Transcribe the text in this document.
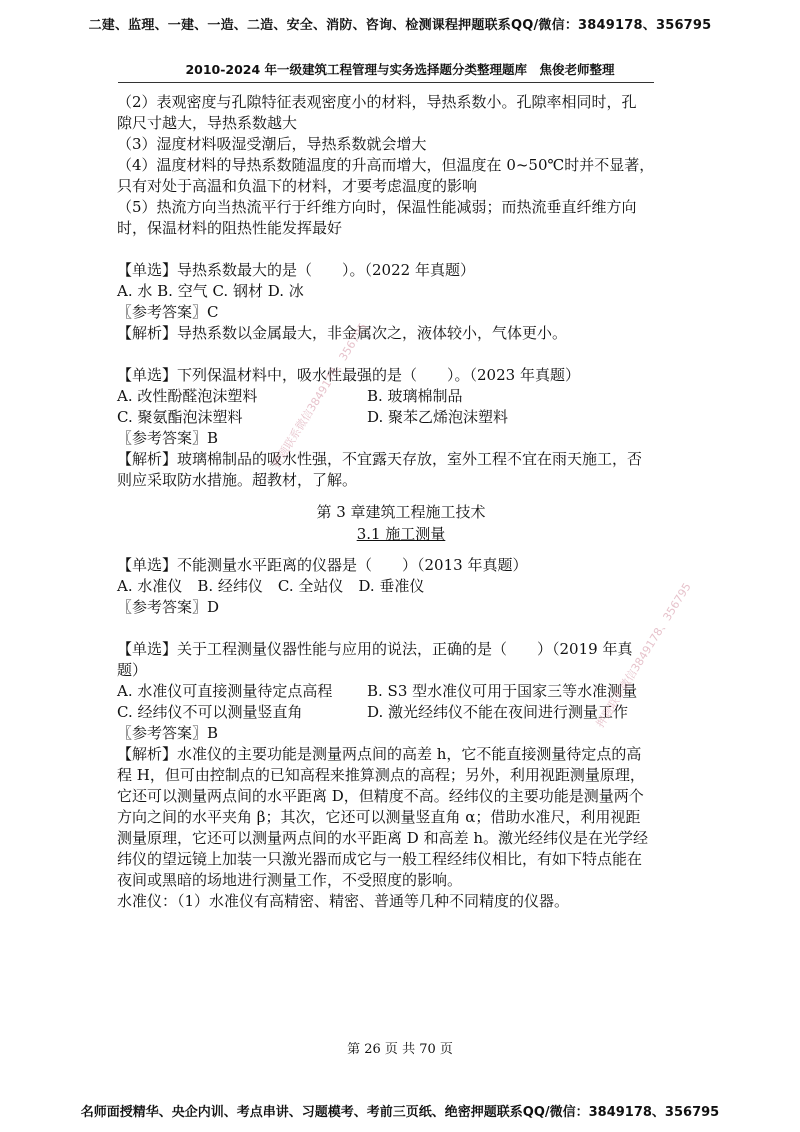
二建、监理、一建、一造、二造、安全、消防、咨询、检测课程押题联系QQ/微信：3849178、356795
2010-2024 年一级建筑工程管理与实务选择题分类整理题库　焦俊老师整理

（2）表观密度与孔隙特征表观密度小的材料，导热系数小。孔隙率相同时，孔

隙尺寸越大，导热系数越大

（3）湿度材料吸湿受潮后，导热系数就会增大

（4）温度材料的导热系数随温度的升高而增大，但温度在 0~50℃时并不显著，

只有对处于高温和负温下的材料，才要考虑温度的影响

（5）热流方向当热流平行于纤维方向时，保温性能减弱；而热流垂直纤维方向

时，保温材料的阻热性能发挥最好

【单选】导热系数最大的是（　　）。（2022 年真题）

A. 水 B. 空气 C. 钢材 D. 冰

〖参考答案〗C

【解析】导热系数以金属最大，非金属次之，液体较小，气体更小。

【单选】下列保温材料中，吸水性最强的是（　　）。（2023 年真题）

A. 改性酚醛泡沫塑料	B. 玻璃棉制品
C. 聚氨酯泡沫塑料	D. 聚苯乙烯泡沫塑料

〖参考答案〗B

【解析】玻璃棉制品的吸水性强，不宜露天存放，室外工程不宜在雨天施工，否

则应采取防水措施。超教材，了解。

第 3 章建筑工程施工技术

3.1 施工测量

【单选】不能测量水平距离的仪器是（　　）（2013 年真题）

A. 水准仪　B. 经纬仪　C. 全站仪　D. 垂准仪

〖参考答案〗D

【单选】关于工程测量仪器性能与应用的说法，正确的是（　　）（2019 年真

题）

A. 水准仪可直接测量待定点高程	B. S3 型水准仪可用于国家三等水准测量
C. 经纬仪不可以测量竖直角	D. 激光经纬仪不能在夜间进行测量工作

〖参考答案〗B

【解析】水准仪的主要功能是测量两点间的高差 h，它不能直接测量待定点的高

程 H，但可由控制点的已知高程来推算测点的高程；另外，利用视距测量原理，

它还可以测量两点间的水平距离 D，但精度不高。经纬仪的主要功能是测量两个

方向之间的水平夹角 β；其次，它还可以测量竖直角 α；借助水准尺，利用视距

测量原理，它还可以测量两点间的水平距离 D 和高差 h。激光经纬仪是在光学经

纬仪的望远镜上加装一只激光器而成它与一般工程经纬仪相比，有如下特点能在

夜间或黑暗的场地进行测量工作，不受照度的影响。

水准仪：（1）水准仪有高精密、精密、普通等几种不同精度的仪器。

押题联系微信3849178、356795
押题联系微信3849178、356795
第 26 页 共 70 页
名师面授精华、央企内训、考点串讲、习题模考、考前三页纸、绝密押题联系QQ/微信：3849178、356795
